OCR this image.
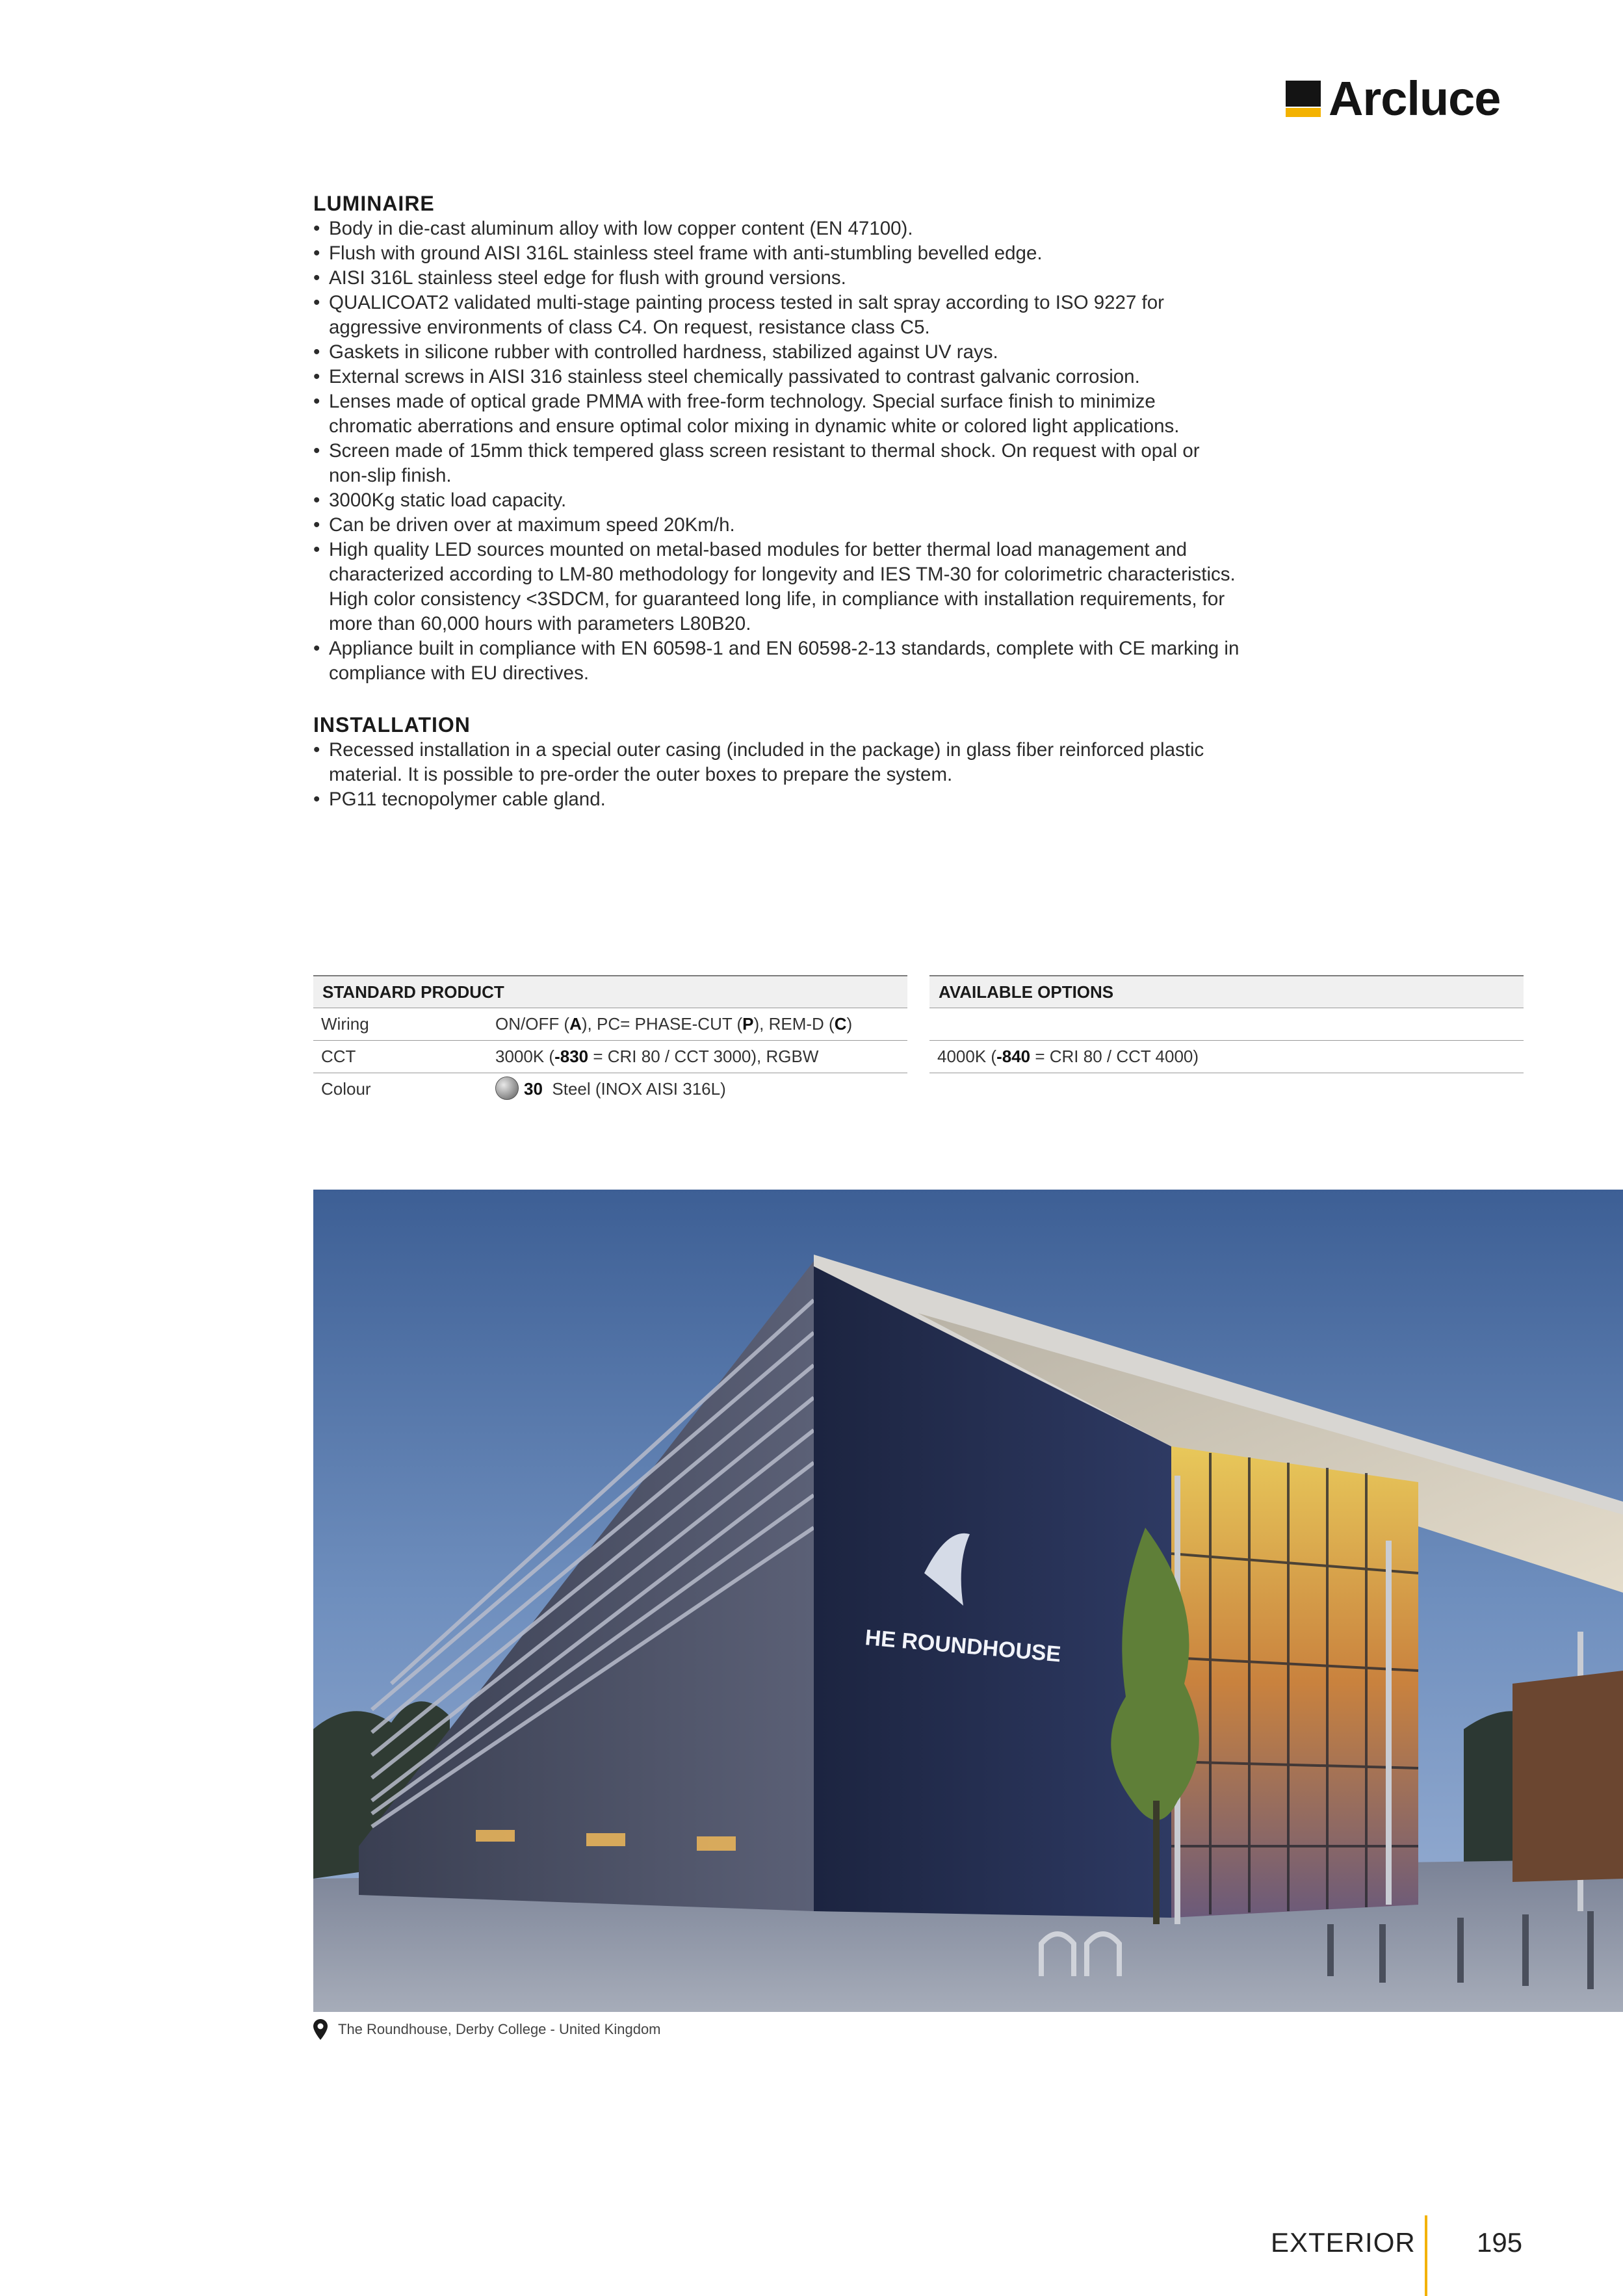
Arcluce
LUMINAIRE
• Body in die-cast aluminum alloy with low copper content (EN 47100).
• Flush with ground AISI 316L stainless steel frame with anti-stumbling bevelled edge.
• AISI 316L stainless steel edge for flush with ground versions.
• QUALICOAT2 validated multi-stage painting process tested in salt spray according to ISO 9227 for
aggressive environments of class C4. On request, resistance class C5.
• Gaskets in silicone rubber with controlled hardness, stabilized against UV rays.
• External screws in AISI 316 stainless steel chemically passivated to contrast galvanic corrosion.
• Lenses made of optical grade PMMA with free-form technology. Special surface finish to minimize
chromatic aberrations and ensure optimal color mixing in dynamic white or colored light applications.
• Screen made of 15mm thick tempered glass screen resistant to thermal shock. On request with opal or
non-slip finish.
• 3000Kg static load capacity.
• Can be driven over at maximum speed 20Km/h.
• High quality LED sources mounted on metal-based modules for better thermal load management and
characterized according to LM-80 methodology for longevity and IES TM-30 for colorimetric characteristics.
High color consistency <3SDCM, for guaranteed long life, in compliance with installation requirements, for
more than 60,000 hours with parameters L80B20.
• Appliance built in compliance with EN 60598-1 and EN 60598-2-13 standards, complete with CE marking in
compliance with EU directives.
INSTALLATION
• Recessed installation in a special outer casing (included in the package) in glass fiber reinforced plastic
material. It is possible to pre-order the outer boxes to prepare the system.
• PG11 tecnopolymer cable gland.
STANDARD PRODUCT
Wiring	ON/OFF (A), PC= PHASE-CUT (P), REM-D (C)
CCT	3000K (-830 = CRI 80 / CCT 3000), RGBW
Colour	30 Steel (INOX AISI 316L)
AVAILABLE OPTIONS
4000K (-840 = CRI 80 / CCT 4000)
HE ROUNDHOUSE
The Roundhouse, Derby College - United Kingdom
EXTERIOR 195
